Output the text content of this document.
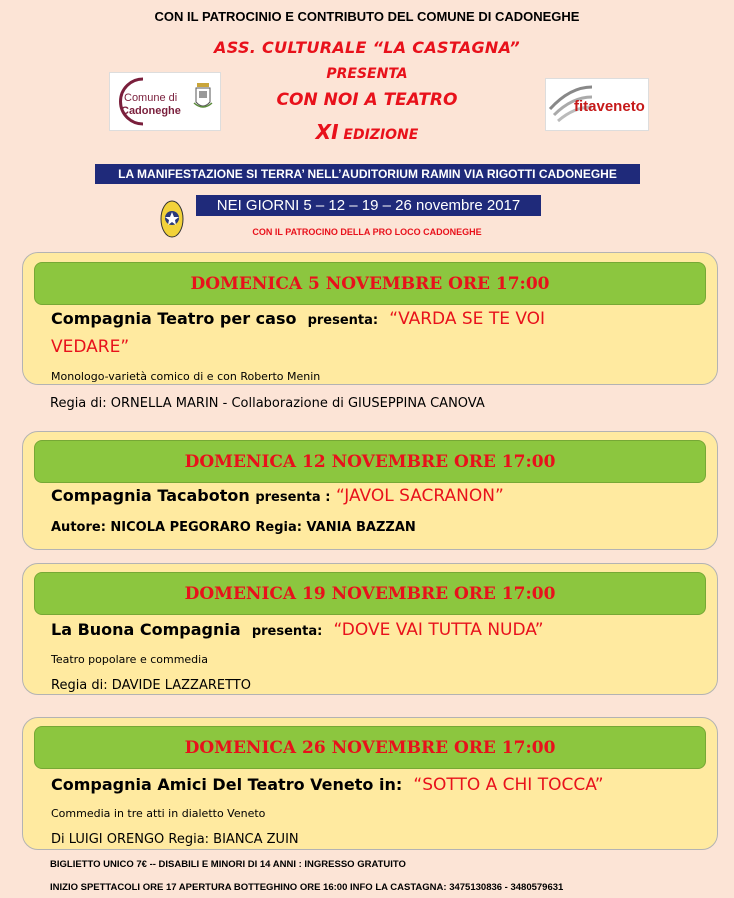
CON IL PATROCINIO E CONTRIBUTO DEL COMUNE DI CADONEGHE
ASS. CULTURALE “LA CASTAGNA”
PRESENTA
CON NOI A TEATRO
XI EDIZIONE
Comune di
Cadoneghe	fitaveneto
LA MANIFESTAZIONE SI TERRA’ NELL’AUDITORIUM RAMIN VIA RIGOTTI CADONEGHE
NEI GIORNI 5 – 12 – 19 – 26 novembre 2017
CON IL PATROCINO DELLA PRO LOCO CADONEGHE
DOMENICA 5 NOVEMBRE ORE 17:00
Compagnia Teatro per caso presenta: “VARDA SE TE VOI
VEDARE”
Monologo-varietà comico di e con Roberto Menin
Regia di: ORNELLA MARIN - Collaborazione di GIUSEPPINA CANOVA
DOMENICA 12 NOVEMBRE ORE 17:00
Compagnia Tacaboton presenta : “JAVOL SACRANON”
Autore: NICOLA PEGORARO Regia: VANIA BAZZAN
DOMENICA 19 NOVEMBRE ORE 17:00
La Buona Compagnia presenta: “DOVE VAI TUTTA NUDA”
Teatro popolare e commedia
Regia di: DAVIDE LAZZARETTO
DOMENICA 26 NOVEMBRE ORE 17:00
Compagnia Amici Del Teatro Veneto in: “SOTTO A CHI TOCCA”
Commedia in tre atti in dialetto Veneto
Di LUIGI ORENGO Regia: BIANCA ZUIN
BIGLIETTO UNICO 7€ -- DISABILI E MINORI DI 14 ANNI : INGRESSO GRATUITO
INIZIO SPETTACOLI ORE 17 APERTURA BOTTEGHINO ORE 16:00 INFO LA CASTAGNA: 3475130836 - 3480579631
